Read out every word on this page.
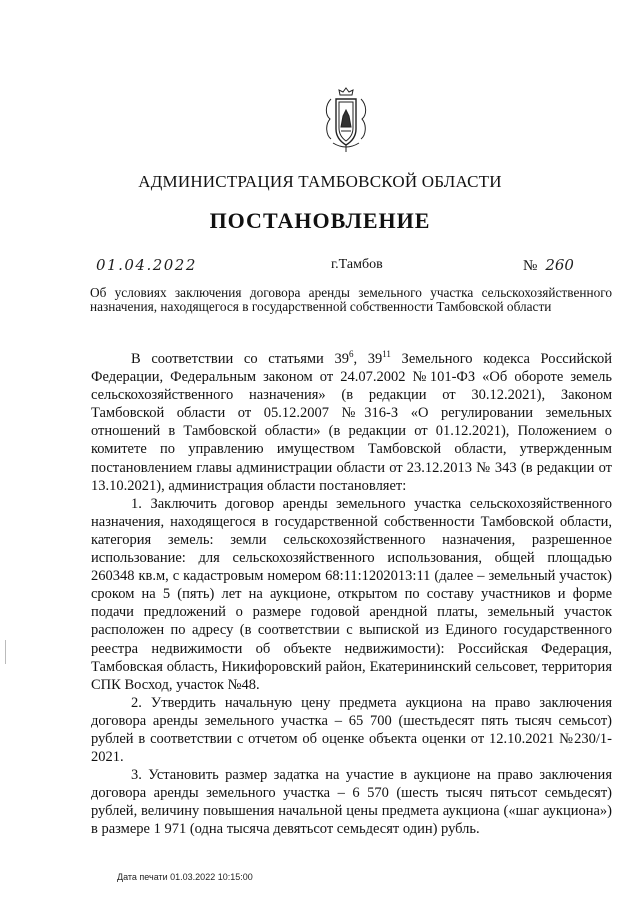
АДМИНИСТРАЦИЯ ТАМБОВСКОЙ ОБЛАСТИ
ПОСТАНОВЛЕНИЕ
01.04.2022	г.Тамбов	№ 260
Об условиях заключения договора аренды земельного участка сельскохозяйственного назначения, находящегося в государственной собственности Тамбовской области

В соответствии со статьями $39^6$, $39^{11}$ Земельного кодекса Российской Федерации, Федеральным законом от 24.07.2002 №101-ФЗ «Об обороте земель сельскохозяйственного назначения» (в редакции от 30.12.2021), Законом Тамбовской области от 05.12.2007 №316-З «О регулировании земельных отношений в Тамбовской области» (в редакции от 01.12.2021), Положением о комитете по управлению имуществом Тамбовской области, утвержденным постановлением главы администрации области от 23.12.2013 № 343 (в редакции от 13.10.2021), администрация области постановляет:

1. Заключить договор аренды земельного участка сельскохозяйственного назначения, находящегося в государственной собственности Тамбовской области, категория земель: земли сельскохозяйственного назначения, разрешенное использование: для сельскохозяйственного использования, общей площадью 260348 кв.м, с кадастровым номером 68:11:1202013:11 (далее – земельный участок) сроком на 5 (пять) лет на аукционе, открытом по составу участников и форме подачи предложений о размере годовой арендной платы, земельный участок расположен по адресу (в соответствии с выпиской из Единого государственного реестра недвижимости об объекте недвижимости): Российская Федерация, Тамбовская область, Никифоровский район, Екатерининский сельсовет, территория СПК Восход, участок №48.

2. Утвердить начальную цену предмета аукциона на право заключения договора аренды земельного участка – 65 700 (шестьдесят пять тысяч семьсот) рублей в соответствии с отчетом об оценке объекта оценки от 12.10.2021 №230/1-2021.

3. Установить размер задатка на участие в аукционе на право заключения договора аренды земельного участка – 6 570 (шесть тысяч пятьсот семьдесят) рублей, величину повышения начальной цены предмета аукциона («шаг аукциона») в размере 1 971 (одна тысяча девятьсот семьдесят один) рубль.

Дата печати 01.03.2022 10:15:00
